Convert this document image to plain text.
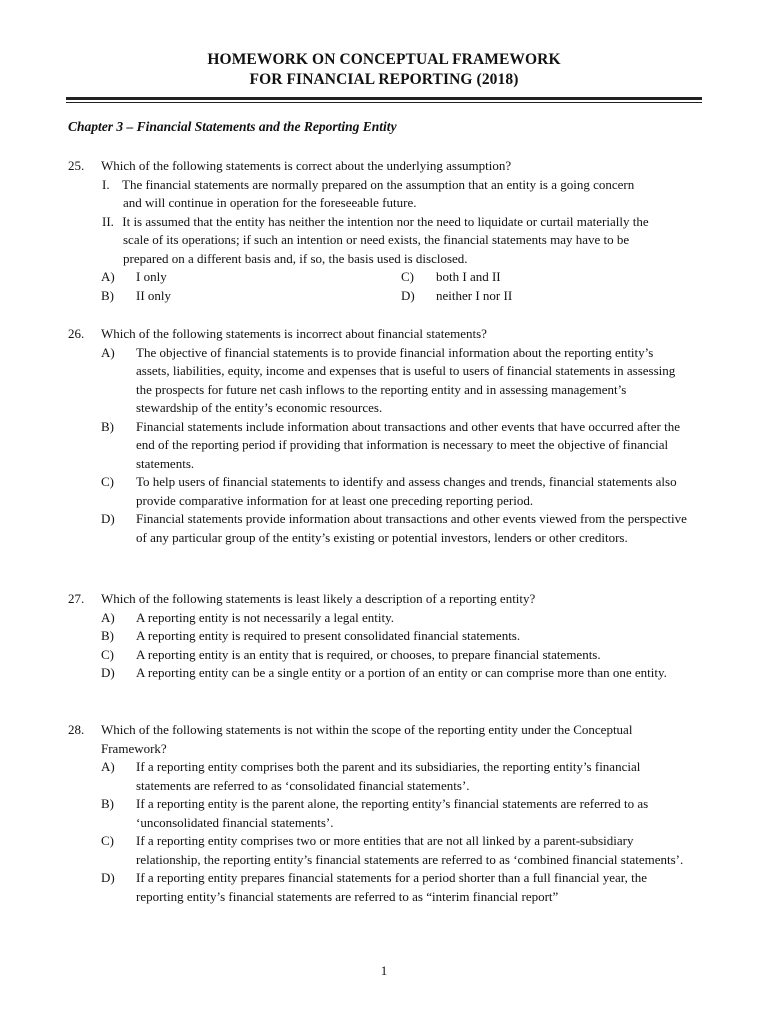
HOMEWORK ON CONCEPTUAL FRAMEWORK
FOR FINANCIAL REPORTING (2018)
Chapter 3 – Financial Statements and the Reporting Entity
25.	Which of the following statements is correct about the underlying assumption?
I. The financial statements are normally prepared on the assumption that an entity is a going concern
and will continue in operation for the foreseeable future.
II. It is assumed that the entity has neither the intention nor the need to liquidate or curtail materially the
scale of its operations; if such an intention or need exists, the financial statements may have to be
prepared on a different basis and, if so, the basis used is disclosed.
A)	I only	C)	both I and II
B)	II only	D)	neither I nor II
26.	Which of the following statements is incorrect about financial statements?
A)	The objective of financial statements is to provide financial information about the reporting entity’s assets, liabilities, equity, income and expenses that is useful to users of financial statements in assessing the prospects for future net cash inflows to the reporting entity and in assessing management’s stewardship of the entity’s economic resources.
B)	Financial statements include information about transactions and other events that have occurred after the end of the reporting period if providing that information is necessary to meet the objective of financial statements.
C)	To help users of financial statements to identify and assess changes and trends, financial statements also provide comparative information for at least one preceding reporting period.
D)	Financial statements provide information about transactions and other events viewed from the perspective of any particular group of the entity’s existing or potential investors, lenders or other creditors.
27.	Which of the following statements is least likely a description of a reporting entity?
A)	A reporting entity is not necessarily a legal entity.
B)	A reporting entity is required to present consolidated financial statements.
C)	A reporting entity is an entity that is required, or chooses, to prepare financial statements.
D)	A reporting entity can be a single entity or a portion of an entity or can comprise more than one entity.
28.	Which of the following statements is not within the scope of the reporting entity under the Conceptual Framework?
A)	If a reporting entity comprises both the parent and its subsidiaries, the reporting entity’s financial statements are referred to as ‘consolidated financial statements’.
B)	If a reporting entity is the parent alone, the reporting entity’s financial statements are referred to as ‘unconsolidated financial statements’.
C)	If a reporting entity comprises two or more entities that are not all linked by a parent-subsidiary relationship, the reporting entity’s financial statements are referred to as ‘combined financial statements’.
D)	If a reporting entity prepares financial statements for a period shorter than a full financial year, the reporting entity’s financial statements are referred to as “interim financial report”
1
